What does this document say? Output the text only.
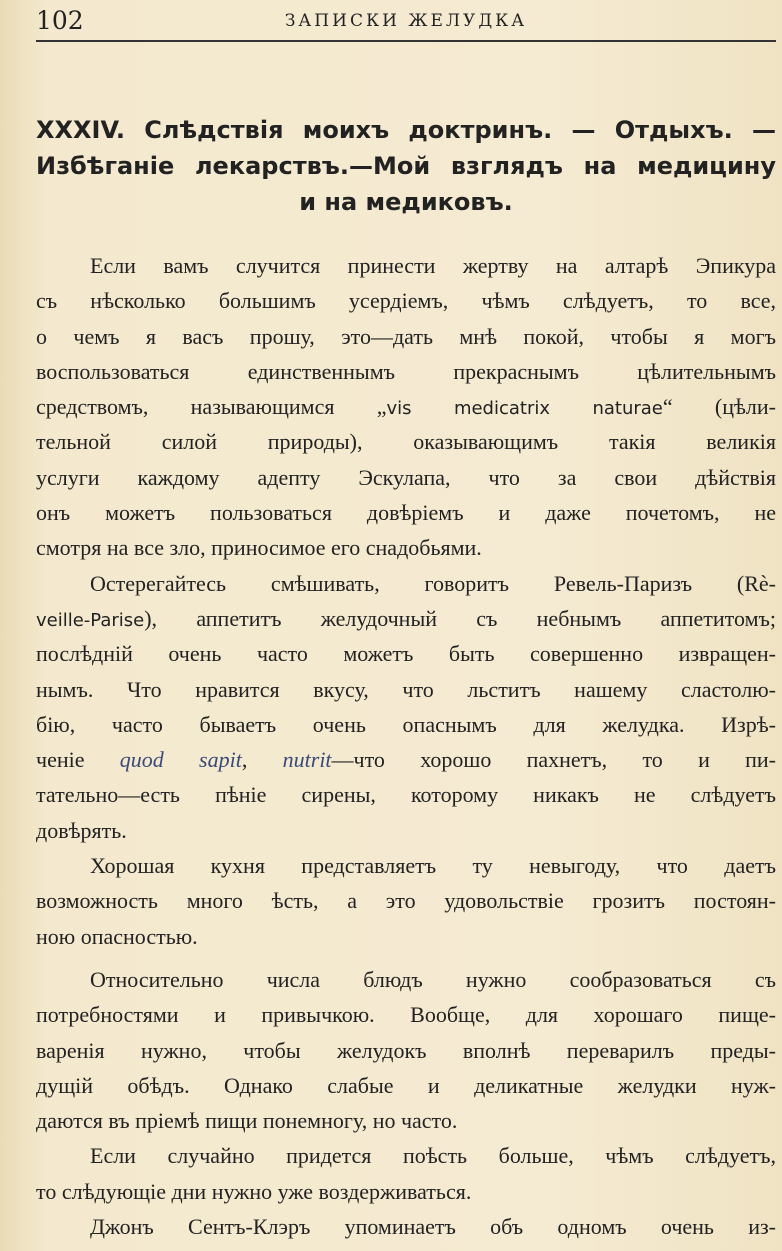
102	ЗАПИСКИ ЖЕЛУДКА
XXXIV. Слѣдствія моихъ доктринъ. — Отдыхъ. —
Избѣганіе лекарствъ.—Мой взглядъ на медицину
и на медиковъ.
Если вамъ случится принести жертву на алтарѣ Эпикура
съ нѣсколько большимъ усердіемъ, чѣмъ слѣдуетъ, то все,
о чемъ я васъ прошу, это—дать мнѣ покой, чтобы я могъ
воспользоваться единственнымъ прекраснымъ цѣлительнымъ
средствомъ, называющимся „vis medicatrix naturae“ (цѣли-
тельной силой природы), оказывающимъ такія великія
услуги каждому адепту Эскулапа, что за свои дѣйствія
онъ можетъ пользоваться довѣріемъ и даже почетомъ, не
смотря на все зло, приносимое его снадобьями.
Остерегайтесь смѣшивать, говоритъ Ревель-Паризъ (Rè-
veille-Parise), аппетитъ желудочный съ небнымъ аппетитомъ;
послѣдній очень часто можетъ быть совершенно извращен-
нымъ. Что нравится вкусу, что льститъ нашему сластолю-
бію, часто бываетъ очень опаснымъ для желудка. Изрѣ-
ченіе quod sapit, nutrit—что хорошо пахнетъ, то и пи-
тательно—есть пѣніе сирены, которому никакъ не слѣдуетъ
довѣрять.
Хорошая кухня представляетъ ту невыгоду, что даетъ
возможность много ѣсть, а это удовольствіе грозитъ постоян-
ною опасностью.
Относительно числа блюдъ нужно сообразоваться съ
потребностями и привычкою. Вообще, для хорошаго пище-
варенія нужно, чтобы желудокъ вполнѣ переварилъ преды-
дущій обѣдъ. Однако слабые и деликатные желудки нуж-
даются въ пріемѣ пищи понемногу, но часто.
Если случайно придется поѣсть больше, чѣмъ слѣдуетъ,
то слѣдующіе дни нужно уже воздерживаться.
Джонъ Сентъ-Клэръ упоминаетъ объ одномъ очень из-
